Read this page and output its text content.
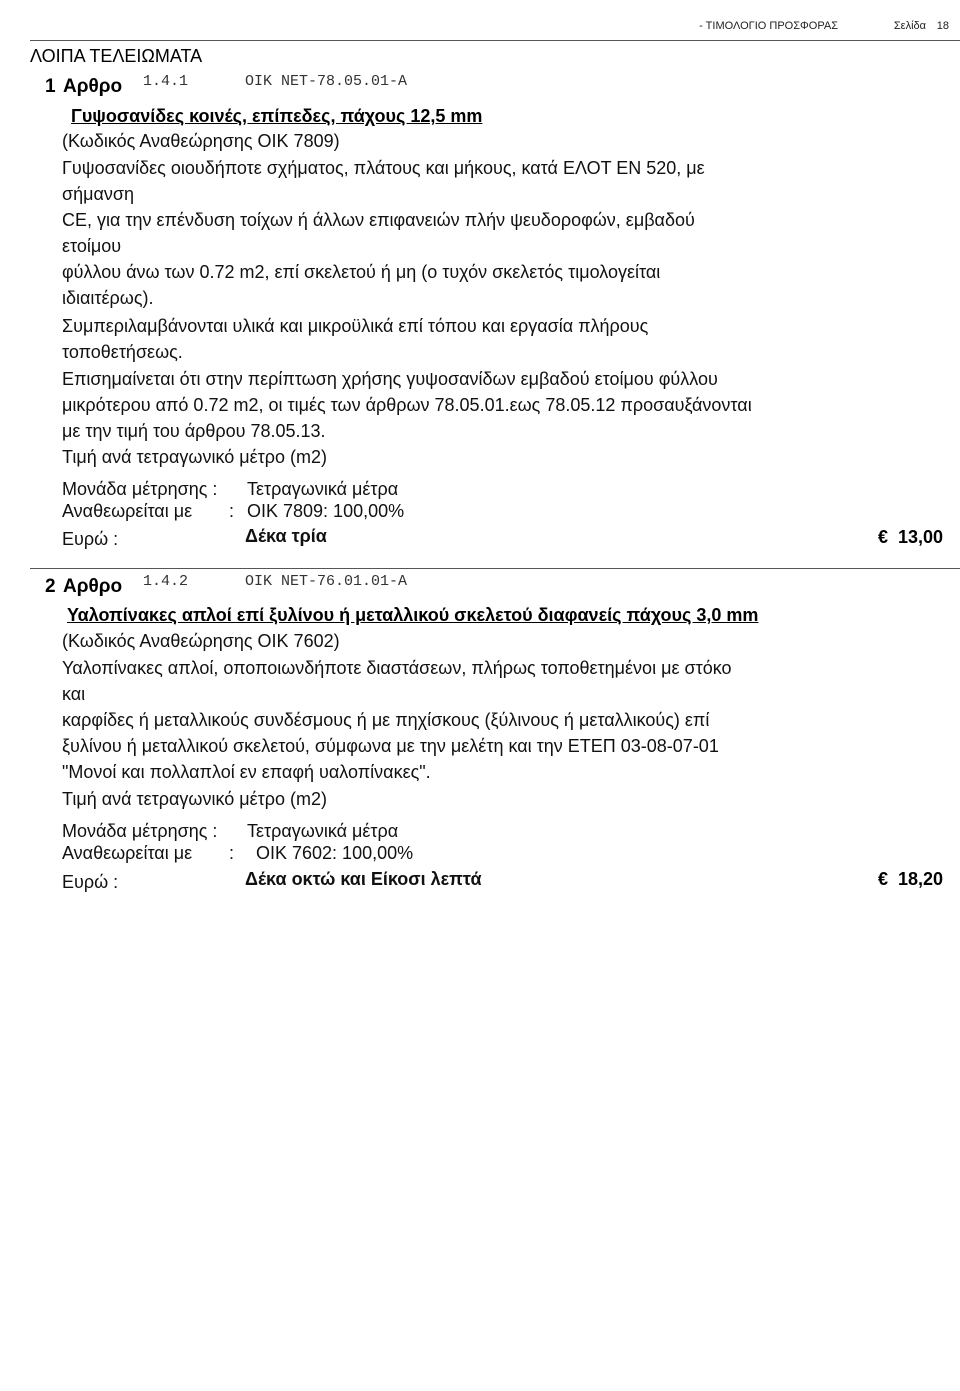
- ΤΙΜΟΛΟΓΙΟ ΠΡΟΣΦΟΡΑΣ	Σελίδα 18
ΛΟΙΠΑ ΤΕΛΕΙΩΜΑΤΑ
1 Αρθρο 1.4.1	ΟΙΚ ΝΕΤ-78.05.01-Α
Γυψοσανίδες κοινές, επίπεδες, πάχους 12,5 mm
(Κωδικός Αναθεώρησης ΟΙΚ 7809)
Γυψοσανίδες οιουδήποτε σχήματος, πλάτους και μήκους, κατά ΕΛΟΤ ΕΝ 520, με
σήμανση
CE, για την επένδυση τοίχων ή άλλων επιφανειών πλήν ψευδοροφών, εμβαδού
ετοίμου
φύλλου άνω των 0.72 m2, επί σκελετού ή μη (ο τυχόν σκελετός τιμολογείται
ιδιαιτέρως).
Συμπεριλαμβάνονται υλικά και μικροϋλικά επί τόπου και εργασία πλήρους
τοποθετήσεως.
Επισημαίνεται ότι στην περίπτωση χρήσης γυψοσανίδων εμβαδού ετοίμου φύλλου
μικρότερου από 0.72 m2, οι τιμές των άρθρων 78.05.01.εως 78.05.12 προσαυξάνονται
με την τιμή του άρθρου 78.05.13.
Τιμή ανά τετραγωνικό μέτρο (m2)
Μονάδα μέτρησης : Τετραγωνικά μέτρα
Αναθεωρείται με : ΟΙΚ 7809: 100,00%
Ευρώ :	Δέκα τρία	€ 13,00
2 Αρθρο 1.4.2	ΟΙΚ ΝΕΤ-76.01.01-Α
Υαλοπίνακες απλοί επί ξυλίνου ή μεταλλικού σκελετού διαφανείς πάχους 3,0 mm
(Κωδικός Αναθεώρησης ΟΙΚ 7602)
Υαλοπίνακες απλοί, οποποιωνδήποτε διαστάσεων, πλήρως τοποθετημένοι με στόκο
και
καρφίδες ή μεταλλικούς συνδέσμους ή με πηχίσκους (ξύλινους ή μεταλλικούς) επί
ξυλίνου ή μεταλλικού σκελετού, σύμφωνα με την μελέτη και την ΕΤΕΠ 03-08-07-01
"Μονοί και πολλαπλοί εν επαφή υαλοπίνακες".
Τιμή ανά τετραγωνικό μέτρο (m2)
Μονάδα μέτρησης : Τετραγωνικά μέτρα
Αναθεωρείται με : ΟΙΚ 7602: 100,00%
Ευρώ :	Δέκα οκτώ και Είκοσι λεπτά	€ 18,20
